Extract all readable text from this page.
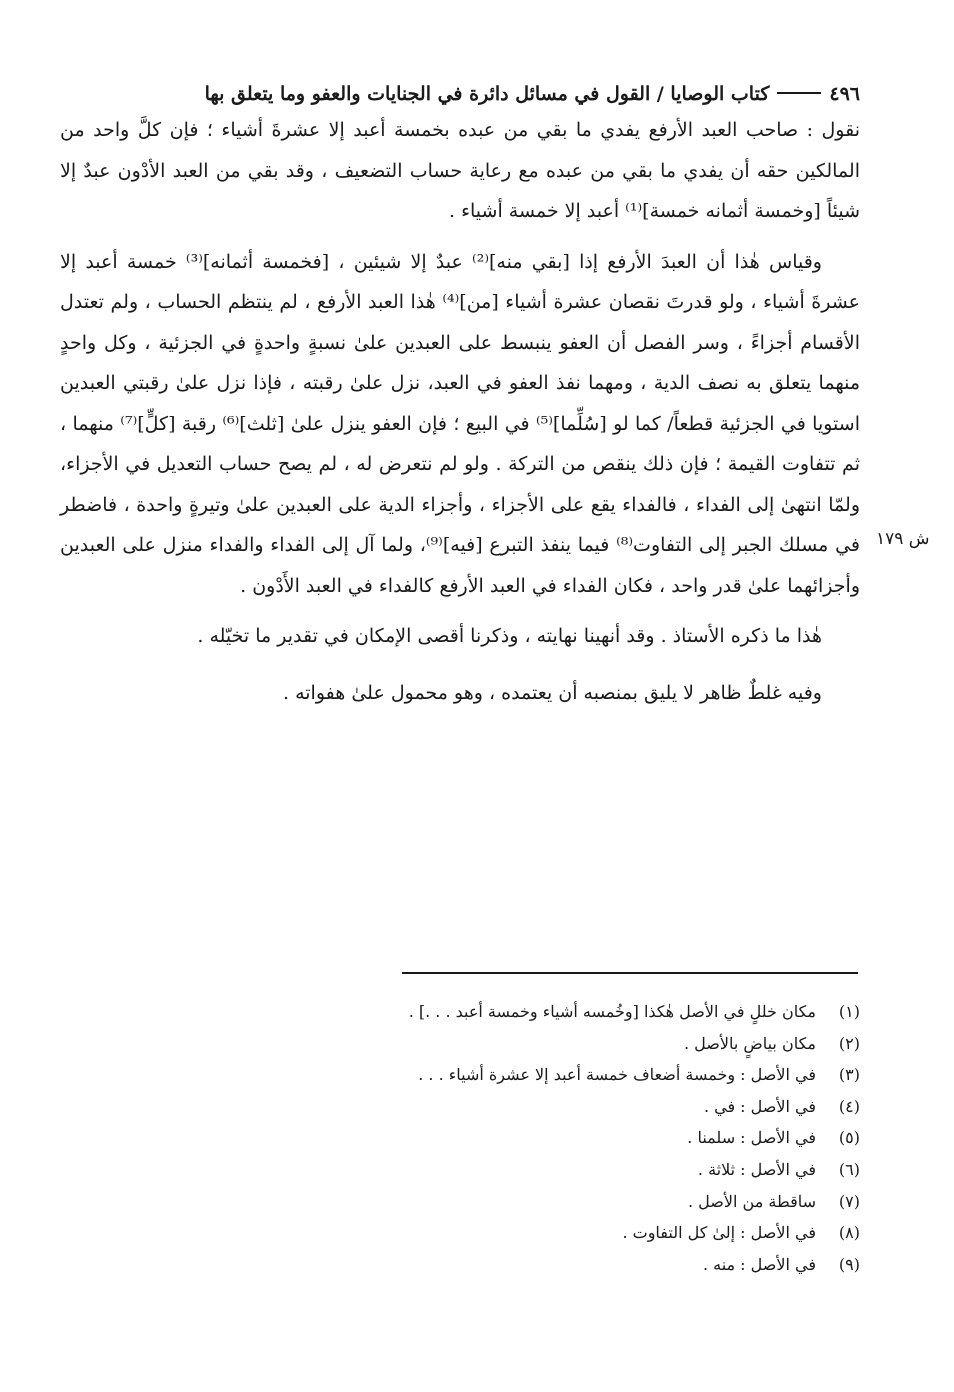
٤٩٦
كتاب الوصايا / القول في مسائل دائرة في الجنايات والعفو وما يتعلق بها

نقول : صاحب العبد الأرفع يفدي ما بقي من عبده بخمسة أعبد إلا عشرةَ أشياء ؛ فإن كلَّ واحد من المالكين حقه أن يفدي ما بقي من عبده مع رعاية حساب التضعيف ، وقد بقي من العبد الأدْون عبدٌ إلا شيئاً [وخمسة أثمانه خمسة]⁽¹⁾ أعبد إلا خمسة أشياء .

وقياس هٰذا أن العبدَ الأرفع إذا [بقي منه]⁽²⁾ عبدٌ إلا شيئين ، [فخمسة أثمانه]⁽³⁾ خمسة أعبد إلا عشرةَ أشياء ، ولو قدرتَ نقصان عشرة أشياء [من]⁽⁴⁾ هٰذا العبد الأرفع ، لم ينتظم الحساب ، ولم تعتدل الأقسام أجزاءً ، وسر الفصل أن العفو ينبسط على العبدين علىٰ نسبةٍ واحدةٍ في الجزئية ، وكل واحدٍ منهما يتعلق به نصف الدية ، ومهما نفذ العفو في العبد، نزل علىٰ رقبته ، فإذا نزل علىٰ رقبتي العبدين استويا في الجزئية قطعاً/ كما لو [سُلِّما]⁽⁵⁾ في البيع ؛ فإن العفو ينزل علىٰ [ثلث]⁽⁶⁾ رقبة [كلٍّ]⁽⁷⁾ منهما ، ثم تتفاوت القيمة ؛ فإن ذلك ينقص من التركة . ولو لم نتعرض له ، لم يصح حساب التعديل في الأجزاء، ولمّا انتهىٰ إلى الفداء ، فالفداء يقع على الأجزاء ، وأجزاء الدية على العبدين علىٰ وتيرةٍ واحدة ، فاضطر في مسلك الجبر إلى التفاوت⁽⁸⁾ فيما ينفذ التبرع [فيه]⁽⁹⁾، ولما آل إلى الفداء والفداء منزل على العبدين وأجزائهما علىٰ قدر واحد ، فكان الفداء في العبد الأرفع كالفداء في العبد الأَدْون .

هٰذا ما ذكره الأستاذ . وقد أنهينا نهايته ، وذكرنا أقصى الإمكان في تقدير ما تخيّله .

وفيه غلطٌ ظاهر لا يليق بمنصبه أن يعتمده ، وهو محمول علىٰ هفواته .

ش ١٧٩
(١)
مكان خللٍ في الأصل هٰكذا [وخُمسه أشياء وخمسة أعبد . . .] .
(٢)
مكان بياضٍ بالأصل .
(٣)
في الأصل : وخمسة أضعاف خمسة أعبد إلا عشرة أشياء . . .
(٤)
في الأصل : في .
(٥)
في الأصل : سلمنا .
(٦)
في الأصل : ثلاثة .
(٧)
ساقطة من الأصل .
(٨)
في الأصل : إلىٰ كل التفاوت .
(٩)
في الأصل : منه .
